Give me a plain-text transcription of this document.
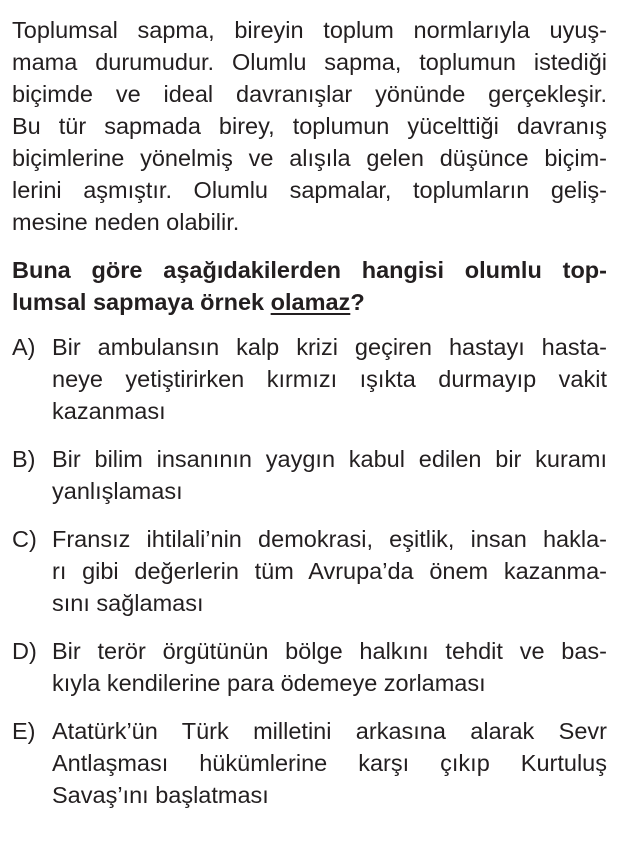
Toplumsal sapma, bireyin toplum normlarıyla uyuş-
mama durumudur. Olumlu sapma, toplumun istediği
biçimde ve ideal davranışlar yönünde gerçekleşir.
Bu tür sapmada birey, toplumun yücelttiği davranış
biçimlerine yönelmiş ve alışıla gelen düşünce biçim-
lerini aşmıştır. Olumlu sapmalar, toplumların geliş-
mesine neden olabilir.
Buna göre aşağıdakilerden hangisi olumlu top-
lumsal sapmaya örnek olamaz?
A) Bir ambulansın kalp krizi geçiren hastayı hasta-
neye yetiştirirken kırmızı ışıkta durmayıp vakit
kazanması
B) Bir bilim insanının yaygın kabul edilen bir kuramı
yanlışlaması
C) Fransız ihtilali’nin demokrasi, eşitlik, insan hakla-
rı gibi değerlerin tüm Avrupa’da önem kazanma-
sını sağlaması
D) Bir terör örgütünün bölge halkını tehdit ve bas-
kıyla kendilerine para ödemeye zorlaması
E) Atatürk’ün Türk milletini arkasına alarak Sevr
Antlaşması hükümlerine karşı çıkıp Kurtuluş
Savaş’ını başlatması
